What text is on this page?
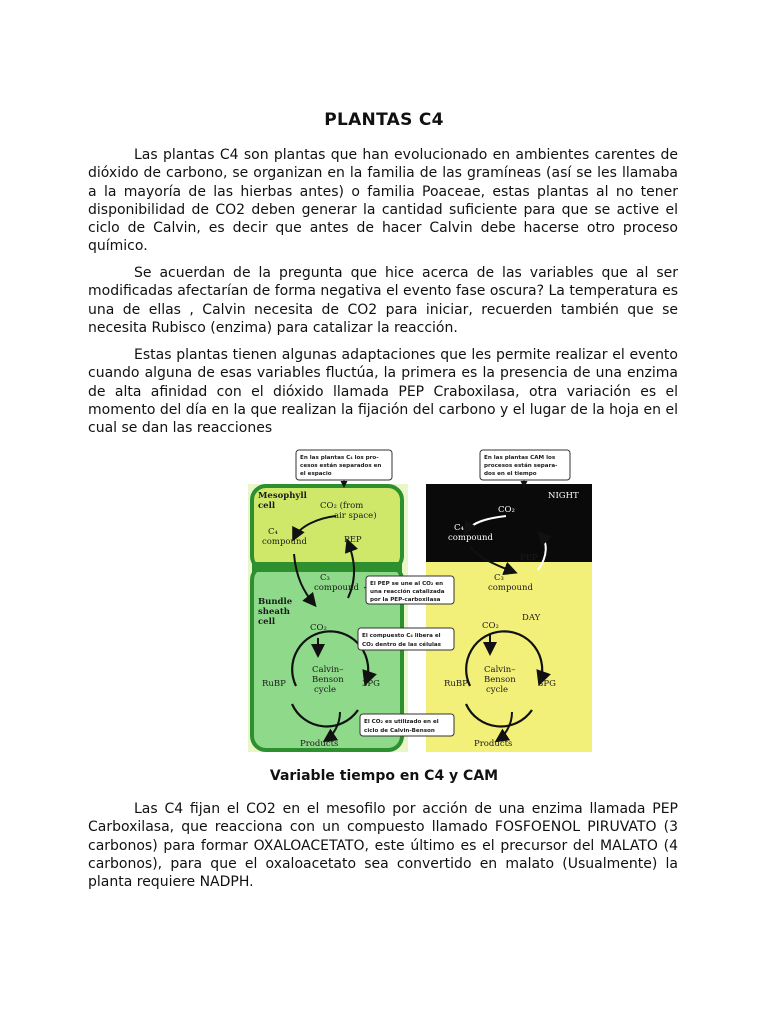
PLANTAS C4

Las plantas C4 son plantas que han evolucionado en ambientes carentes de dióxido de carbono, se organizan en la familia de las gramíneas (así se les llamaba a la mayoría de las hierbas antes) o familia Poaceae, estas plantas al no tener disponibilidad de CO2 deben generar la cantidad suficiente para que se active el ciclo de Calvin, es decir que antes de hacer Calvin debe hacerse otro proceso químico.

Se acuerdan de la pregunta que hice acerca de las variables que al ser modificadas afectarían de forma negativa el evento fase oscura? La temperatura es una de ellas , Calvin necesita de CO2 para iniciar, recuerden también que se necesita Rubisco (enzima) para catalizar la reacción.

Estas plantas tienen algunas adaptaciones que les permite realizar el evento cuando alguna de esas variables fluctúa, la primera es la presencia de una enzima de alta afinidad con el dióxido llamada PEP Craboxilasa, otra variación es el momento del día en la que realizan la fijación del carbono y el lugar de la hoja en el cual se dan las reacciones

Mesophyll
cell	CO₂ (from
air space)
C₄
compound	PEP
C₃
compound
Bundle
sheath
cell
CO₂
RuBP
Calvin–
Benson
cycle
3PG
Products
En las plantas C₄ los pro-
cesos están separados en
el espacio
NIGHT
CO₂
C₄
compound
PEP
C₃
compound
DAY
CO₂
RuBP
Calvin–
Benson
cycle
3PG
Products
En las plantas CAM los
procesos están separa-
dos en el tiempo
El PEP se une al CO₂ en
una reacción catalizada
por la PEP-carboxilasa
El compuesto C₄ libera el
CO₂ dentro de las células
El CO₂ es utilizado en el
ciclo de Calvin-Benson
Variable tiempo en C4 y CAM

Las C4 fijan el CO2 en el mesofilo por acción de una enzima llamada PEP Carboxilasa, que reacciona con un compuesto llamado FOSFOENOL PIRUVATO (3 carbonos) para formar OXALOACETATO, este último es el precursor del MALATO (4 carbonos), para que el oxaloacetato sea convertido en malato (Usualmente) la planta requiere NADPH.
